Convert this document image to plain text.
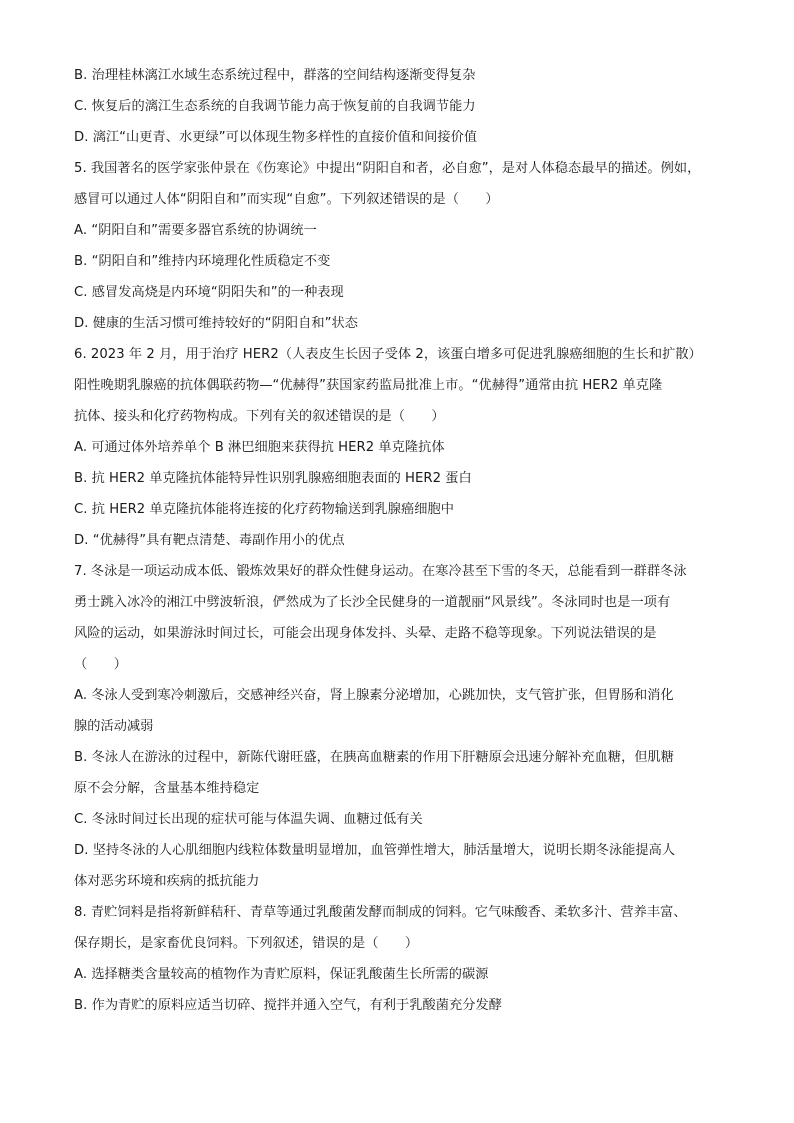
B. 治理桂林漓江水域生态系统过程中，群落的空间结构逐渐变得复杂
C. 恢复后的漓江生态系统的自我调节能力高于恢复前的自我调节能力
D. 漓江“山更青、水更绿”可以体现生物多样性的直接价值和间接价值
5. 我国著名的医学家张仲景在《伤寒论》中提出“阴阳自和者，必自愈”，是对人体稳态最早的描述。例如，
感冒可以通过人体“阴阳自和”而实现“自愈”。下列叙述错误的是（　　）
A. “阴阳自和”需要多器官系统的协调统一
B. “阴阳自和”维持内环境理化性质稳定不变
C. 感冒发高烧是内环境“阴阳失和”的一种表现
D. 健康的生活习惯可维持较好的“阴阳自和”状态
6. 2023 年 2 月，用于治疗 HER2（人表皮生长因子受体 2，该蛋白增多可促进乳腺癌细胞的生长和扩散）
阳性晚期乳腺癌的抗体偶联药物—“优赫得”获国家药监局批准上市。“优赫得”通常由抗 HER2 单克隆
抗体、接头和化疗药物构成。下列有关的叙述错误的是（　　）
A. 可通过体外培养单个 B 淋巴细胞来获得抗 HER2 单克隆抗体
B. 抗 HER2 单克隆抗体能特异性识别乳腺癌细胞表面的 HER2 蛋白
C. 抗 HER2 单克隆抗体能将连接的化疗药物输送到乳腺癌细胞中
D. “优赫得”具有靶点清楚、毒副作用小的优点
7. 冬泳是一项运动成本低、锻炼效果好的群众性健身运动。在寒冷甚至下雪的冬天，总能看到一群群冬泳
勇士跳入冰冷的湘江中劈波斩浪，俨然成为了长沙全民健身的一道靓丽“风景线”。冬泳同时也是一项有
风险的运动，如果游泳时间过长，可能会出现身体发抖、头晕、走路不稳等现象。下列说法错误的是
（　　）
A. 冬泳人受到寒冷刺激后，交感神经兴奋，肾上腺素分泌增加，心跳加快，支气管扩张，但胃肠和消化
腺的活动减弱
B. 冬泳人在游泳的过程中，新陈代谢旺盛，在胰高血糖素的作用下肝糖原会迅速分解补充血糖，但肌糖
原不会分解，含量基本维持稳定
C. 冬泳时间过长出现的症状可能与体温失调、血糖过低有关
D. 坚持冬泳的人心肌细胞内线粒体数量明显增加，血管弹性增大，肺活量增大，说明长期冬泳能提高人
体对恶劣环境和疾病的抵抗能力
8. 青贮饲料是指将新鲜秸秆、青草等通过乳酸菌发酵而制成的饲料。它气味酸香、柔软多汁、营养丰富、
保存期长，是家畜优良饲料。下列叙述，错误的是（　　）
A. 选择糖类含量较高的植物作为青贮原料，保证乳酸菌生长所需的碳源
B. 作为青贮的原料应适当切碎、搅拌并通入空气，有利于乳酸菌充分发酵
